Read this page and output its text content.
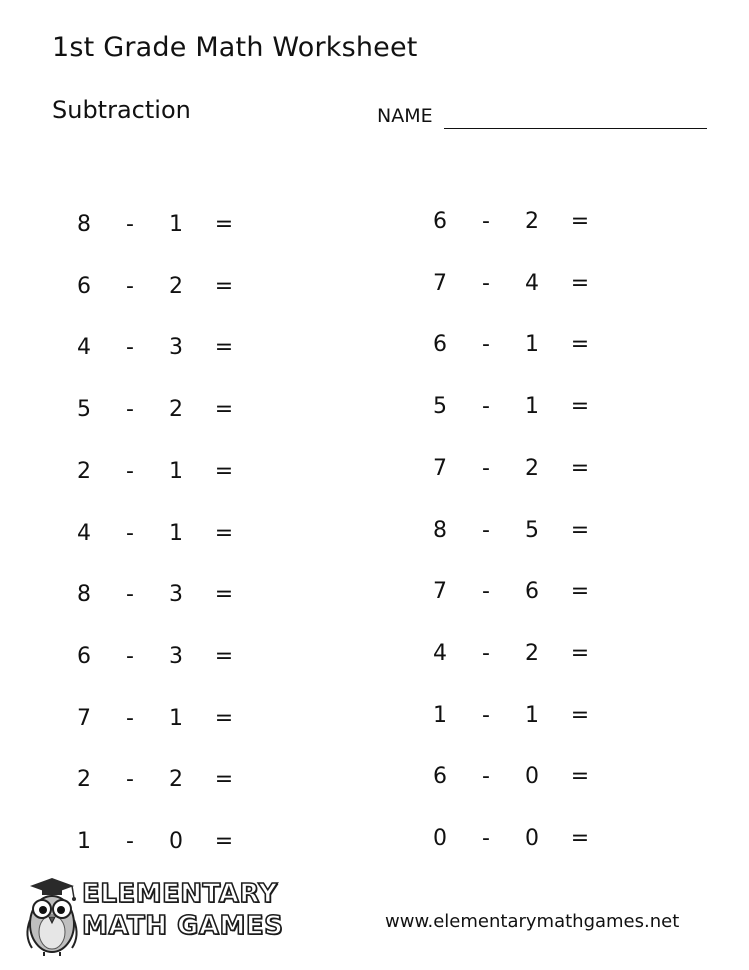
1st Grade Math Worksheet
Subtraction	NAME
8	-	1 =
6	-	2 =
4	-	3 =
5	-	2 =
2	-	1 =
4	-	1 =
8	-	3 =
6	-	3 =
7	-	1 =
2	-	2 =
1	-	0 =
6	-	2 =
7	-	4 =
6	-	1 =
5	-	1 =
7	-	2 =
8	-	5 =
7	-	6 =
4	-	2 =
1	-	1 =
6	-	0 =
0	-	0 =
ELEMENTARY
MATH GAMES	www.elementarymathgames.net
